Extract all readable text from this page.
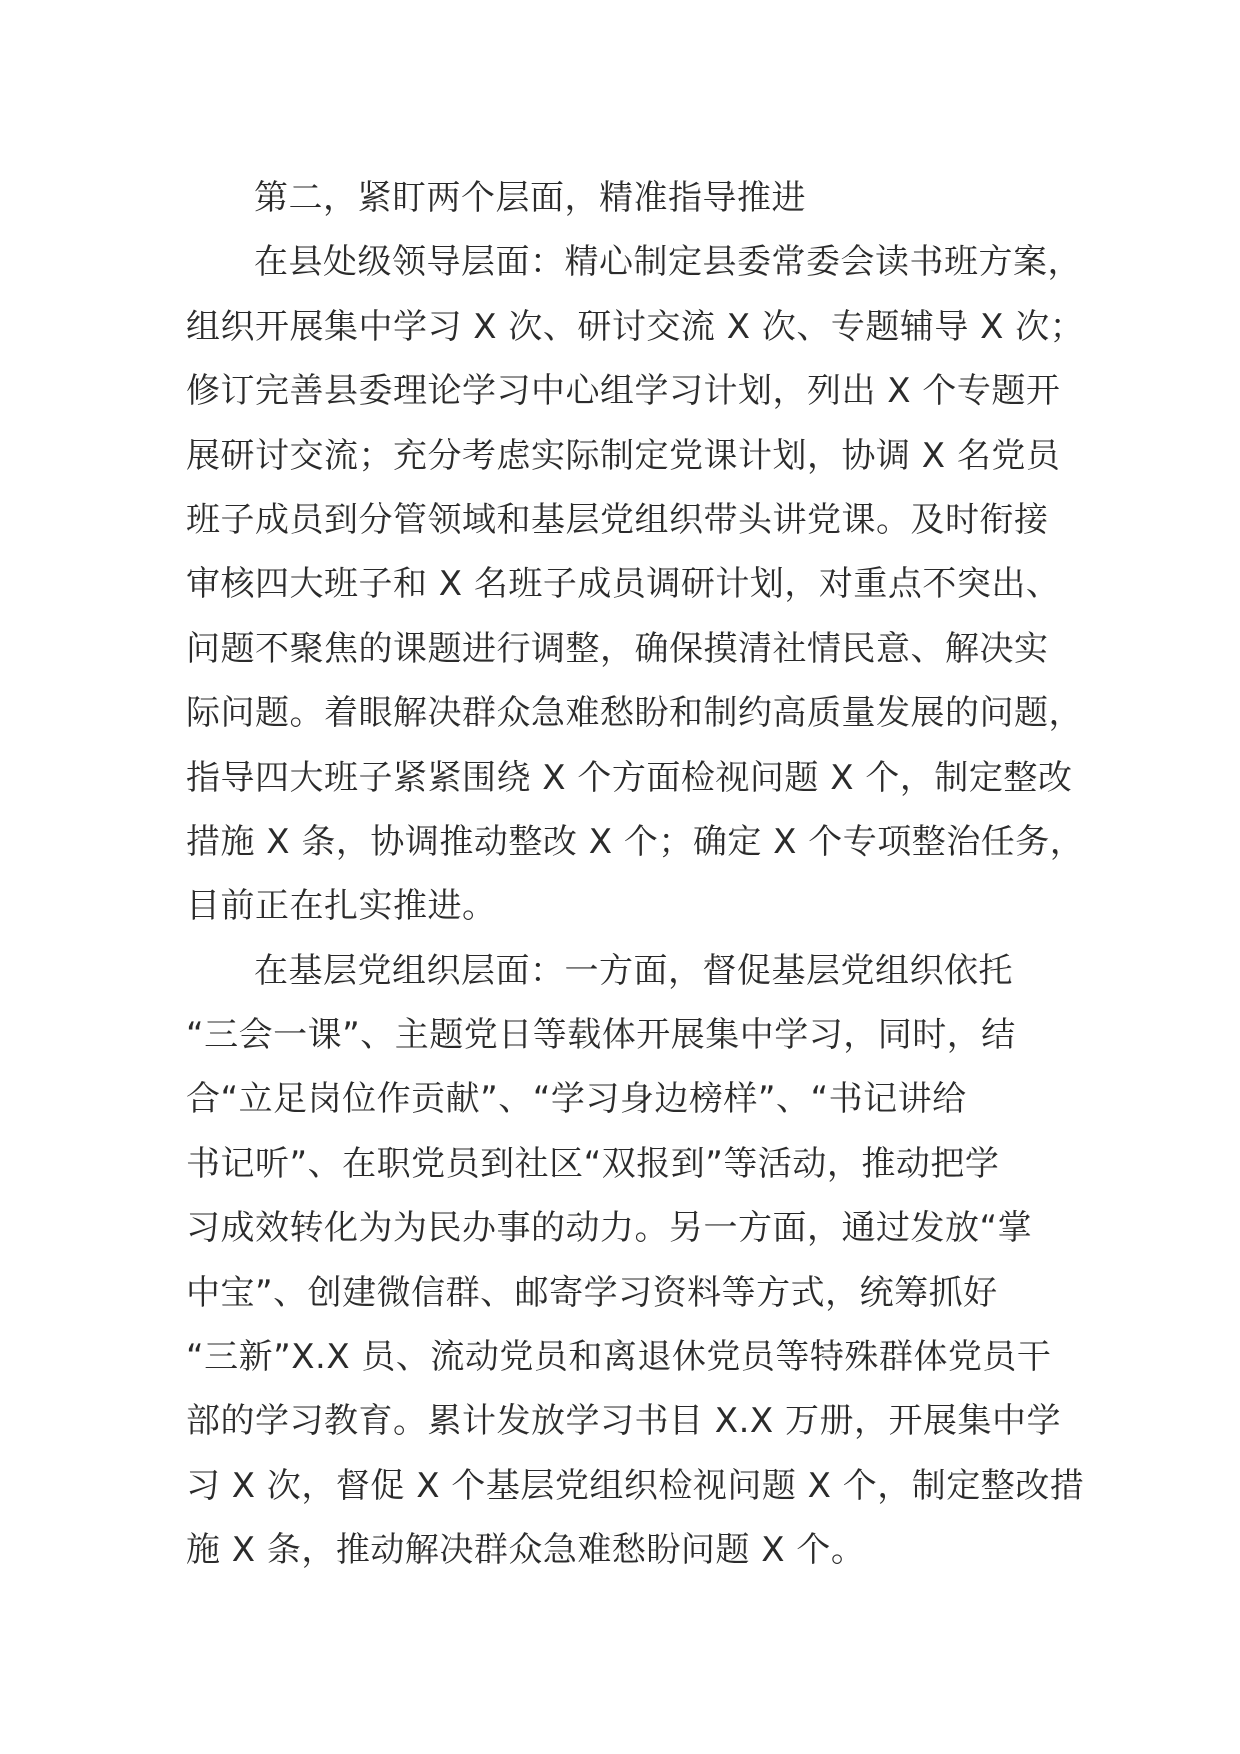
第二，紧盯两个层面，精准指导推进
在县处级领导层面：精心制定县委常委会读书班方案，
组织开展集中学习 X 次、研讨交流 X 次、专题辅导 X 次；
修订完善县委理论学习中心组学习计划，列出 X 个专题开
展研讨交流；充分考虑实际制定党课计划，协调 X 名党员
班子成员到分管领域和基层党组织带头讲党课。及时衔接
审核四大班子和 X 名班子成员调研计划，对重点不突出、
问题不聚焦的课题进行调整，确保摸清社情民意、解决实
际问题。着眼解决群众急难愁盼和制约高质量发展的问题，
指导四大班子紧紧围绕 X 个方面检视问题 X 个，制定整改
措施 X 条，协调推动整改 X 个；确定 X 个专项整治任务，
目前正在扎实推进。
在基层党组织层面：一方面，督促基层党组织依托
“三会一课”、主题党日等载体开展集中学习，同时，结
合“立足岗位作贡献”、“学习身边榜样”、“书记讲给
书记听”、在职党员到社区“双报到”等活动，推动把学
习成效转化为为民办事的动力。另一方面，通过发放“掌
中宝”、创建微信群、邮寄学习资料等方式，统筹抓好
“三新”X.X 员、流动党员和离退休党员等特殊群体党员干
部的学习教育。累计发放学习书目 X.X 万册，开展集中学
习 X 次，督促 X 个基层党组织检视问题 X 个，制定整改措
施 X 条，推动解决群众急难愁盼问题 X 个。
